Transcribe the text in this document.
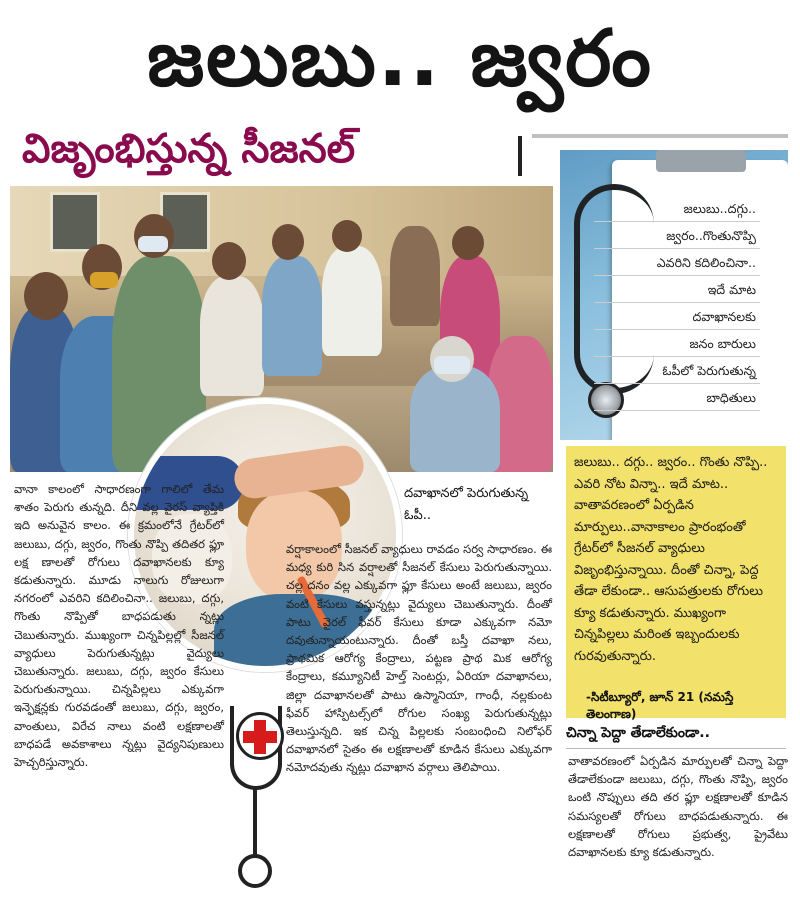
జలుబు.. జ్వరం
విజృంభిస్తున్న సీజనల్
జలుబు..దగ్గు..
జ్వరం..గొంతునొప్పి
ఎవరిని కదిలించినా..
ఇదే మాట
దవాఖానలకు
జనం బారులు
ఓపీలో పెరుగుతున్న
బాధితులు

జలుబు.. దగ్గు.. జ్వరం.. గొంతు నొప్పి.. ఎవరి నోట విన్నా.. ఇదే మాట.. వాతావరణంలో ఏర్పడిన మార్పులు..వానాకాలం ప్రారంభంతో గ్రేటర్‌లో సీజనల్ వ్యాధులు విజృంభిస్తున్నాయి. దీంతో చిన్నా, పెద్ద తేడా లేకుండా.. ఆసుపత్రులకు రోగులు క్యూ కడుతున్నారు. ముఖ్యంగా చిన్నపిల్లలు మరింత ఇబ్బందులకు గురవుతున్నారు.

-సిటీబ్యూరో, జూన్ 21 (నమస్తే తెలంగాణ)
వానా కాలంలో సాధారణంగా గాలిలో తేమ శాతం పెరుగు తున్నది. దీని వల్ల వైరస్ వ్యాప్తికి ఇది అనువైన కాలం. ఈ క్రమంలోనే గ్రేటర్‌లో జలుబు, దగ్గు, జ్వరం, గొంతు నొప్పి తదితర ఫ్లూ లక్ష ణాలతో రోగులు దవాఖానలకు క్యూ కడుతున్నారు. మూడు నాలుగు రోజులుగా నగరంలో ఎవరిని కదిలించినా.. జలుబు, దగ్గు, గొంతు నొప్పితో బాధపడుతు న్నట్లు చెబుతున్నారు. ముఖ్యంగా చిన్నపిల్లల్లో సీజనల్ వ్యాధులు పెరుగుతున్నట్లు వైద్యులు చెబుతున్నారు. జలుబు, దగ్గు, జ్వరం కేసులు పెరుగుతున్నాయి. చిన్నపిల్లలు ఎక్కువగా ఇన్ఫెక్షన్లకు గురవడంతో జలుబు, దగ్గు, జ్వరం, వాంతులు, విరేచ నాలు వంటి లక్షణాలతో బాధపడే అవకాశాలు న్నట్లు వైద్యనిపుణులు హెచ్చరిస్తున్నారు.
దవాఖానలో పెరుగుతున్న ఓపీ..
వర్షాకాలంలో సీజనల్ వ్యాధులు రావడం సర్వ సాధారణం. ఈ మధ్య కురి సిన వర్షాలతో సీజనల్ కేసులు పెరుగుతున్నాయి. చల్ల దనం వల్ల ఎక్కువగా ఫ్లూ కేసులు అంటే జలుబు, జ్వరం వంటి కేసులు వస్తున్నట్లు వైద్యులు చెబుతున్నారు. దీంతో పాటు వైరల్ ఫీవర్ కేసులు కూడా ఎక్కువగా నమో దవుతున్నాయంటున్నారు. దీంతో బస్తీ దవాఖా నలు, ప్రాథమిక ఆరోగ్య కేంద్రాలు, పట్టణ ప్రాథ మిక ఆరోగ్య కేంద్రాలు, కమ్యూనిటీ హెల్త్ సెంటర్లు, ఏరియా దవాఖానలు, జిల్లా దవాఖానలతో పాటు ఉస్మానియా, గాంధీ, నల్లకుంట ఫీవర్ హాస్పిటల్స్‌లో రోగుల సంఖ్య పెరుగుతున్నట్లు తెలుస్తున్నది. ఇక చిన్న పిల్లలకు సంబంధించి నిలోఫర్ దవాఖానలో సైతం ఈ లక్షణాలతో కూడిన కేసులు ఎక్కువగా నమోదవుతు న్నట్లు దవాఖాన వర్గాలు తెలిపాయి.
చిన్నా పెద్దా తేడాలేకుండా..
వాతావరణంలో ఏర్పడిన మార్పులతో చిన్నా పెద్దా తేడాలేకుండా జలుబు, దగ్గు, గొంతు నొప్పి, జ్వరం ఒంటి నొప్పులు తది తర ఫ్లూ లక్షణాలతో కూడిన సమస్యలతో రోగులు బాధపడుతున్నారు. ఈ లక్షణాలతో రోగులు ప్రభుత్వ, ప్రైవేటు దవాఖానలకు క్యూ కడుతున్నారు.
